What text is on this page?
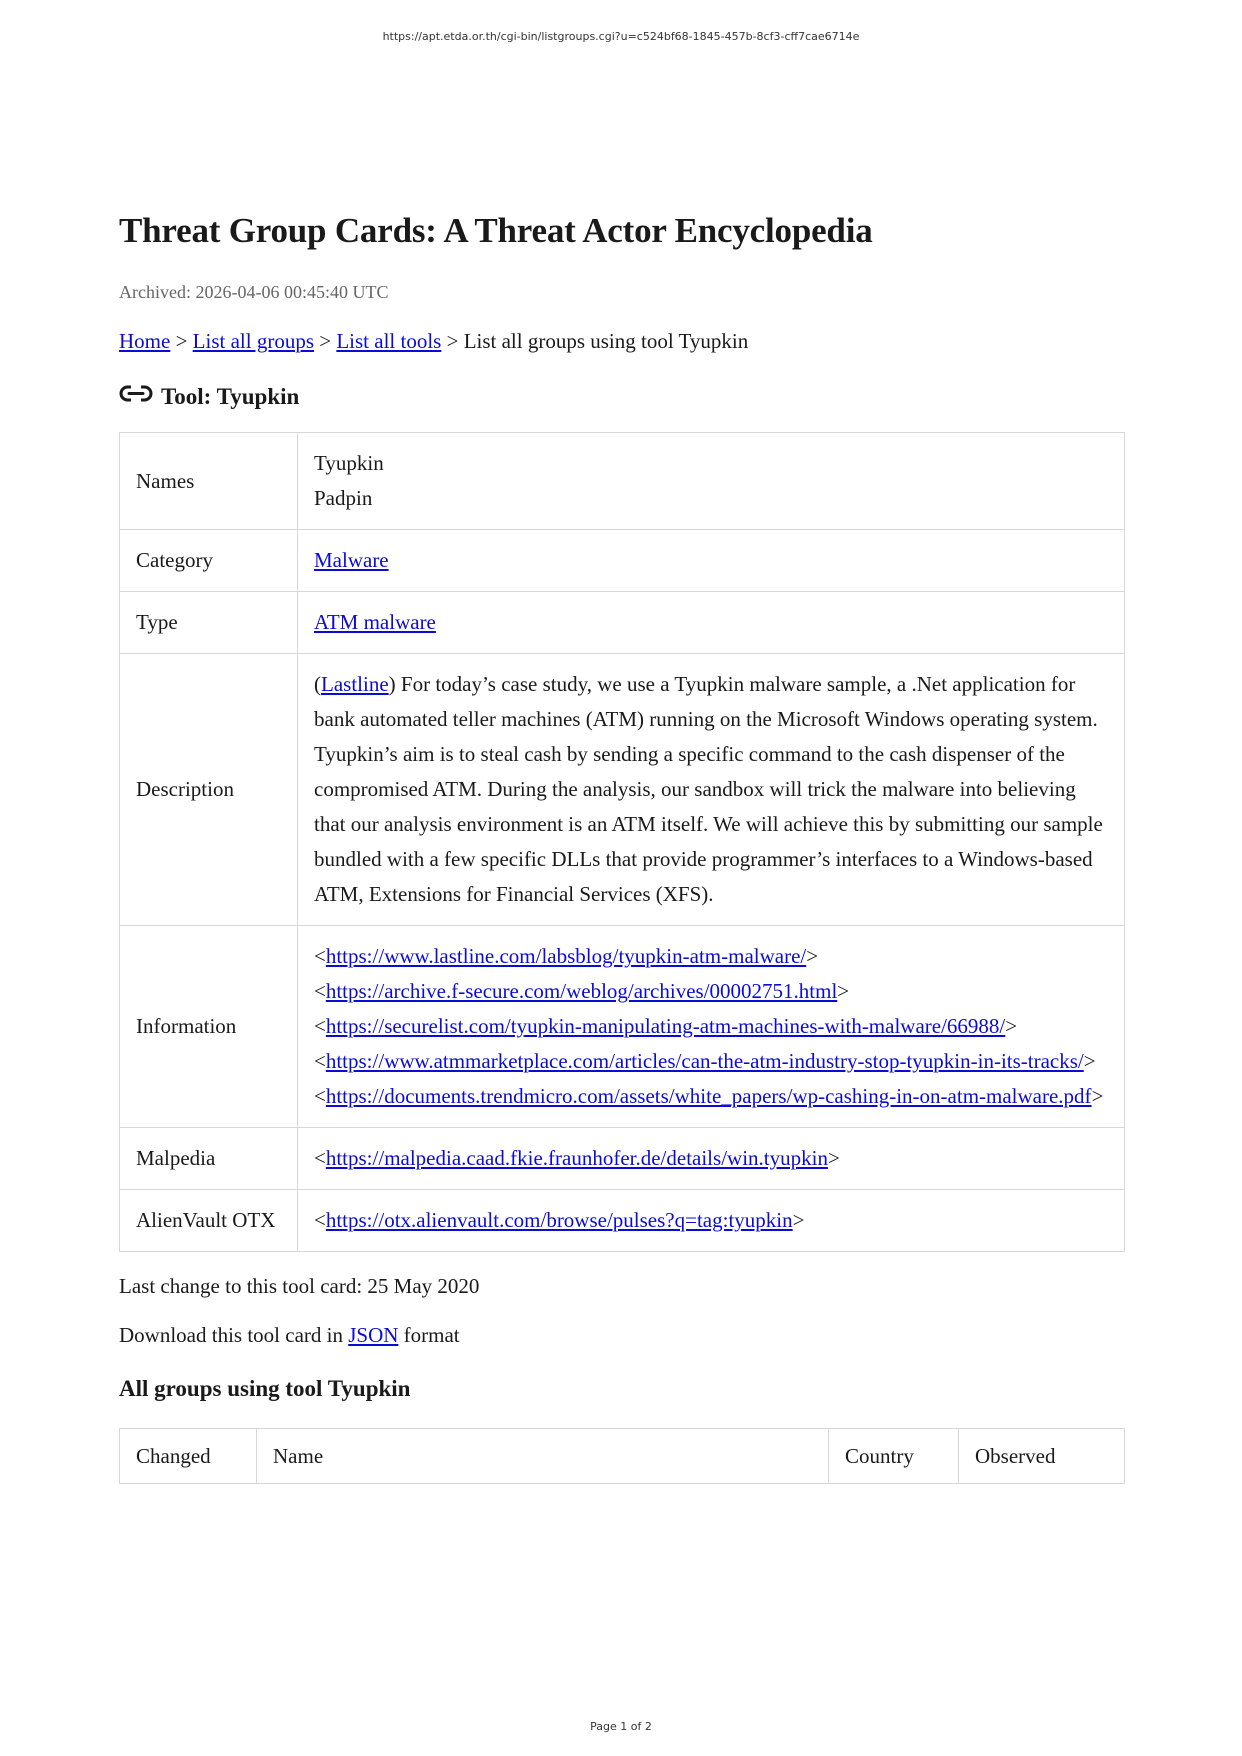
https://apt.etda.or.th/cgi-bin/listgroups.cgi?u=c524bf68-1845-457b-8cf3-cff7cae6714e
Threat Group Cards: A Threat Actor Encyclopedia
Archived: 2026-04-06 00:45:40 UTC
Home > List all groups > List all tools > List all groups using tool Tyupkin
Tool: Tyupkin
Names	Tyupkin
Padpin

Category	Malware
Type	ATM malware
Description	(Lastline) For today’s case study, we use a Tyupkin malware sample, a .Net application for bank automated teller machines (ATM) running on the Microsoft Windows operating system. Tyupkin’s aim is to steal cash by sending a specific command to the cash dispenser of the compromised ATM. During the analysis, our sandbox will trick the malware into believing that our analysis environment is an ATM itself. We will achieve this by submitting our sample bundled with a few specific DLLs that provide programmer’s interfaces to a Windows-based ATM, Extensions for Financial Services (XFS).
Information	<https://www.lastline.com/labsblog/tyupkin-atm-malware/>
<https://archive.f-secure.com/weblog/archives/00002751.html>
<https://securelist.com/tyupkin-manipulating-atm-machines-with-malware/66988/>
<https://www.atmmarketplace.com/articles/can-the-atm-industry-stop-tyupkin-in-its-tracks/>
<https://documents.trendmicro.com/assets/white_papers/wp-cashing-in-on-atm-malware.pdf>

Malpedia	<https://malpedia.caad.fkie.fraunhofer.de/details/win.tyupkin>
AlienVault OTX	<https://otx.alienvault.com/browse/pulses?q=tag:tyupkin>
Last change to this tool card: 25 May 2020
Download this tool card in JSON format
All groups using tool Tyupkin
Changed	Name	Country	Observed
Page 1 of 2
